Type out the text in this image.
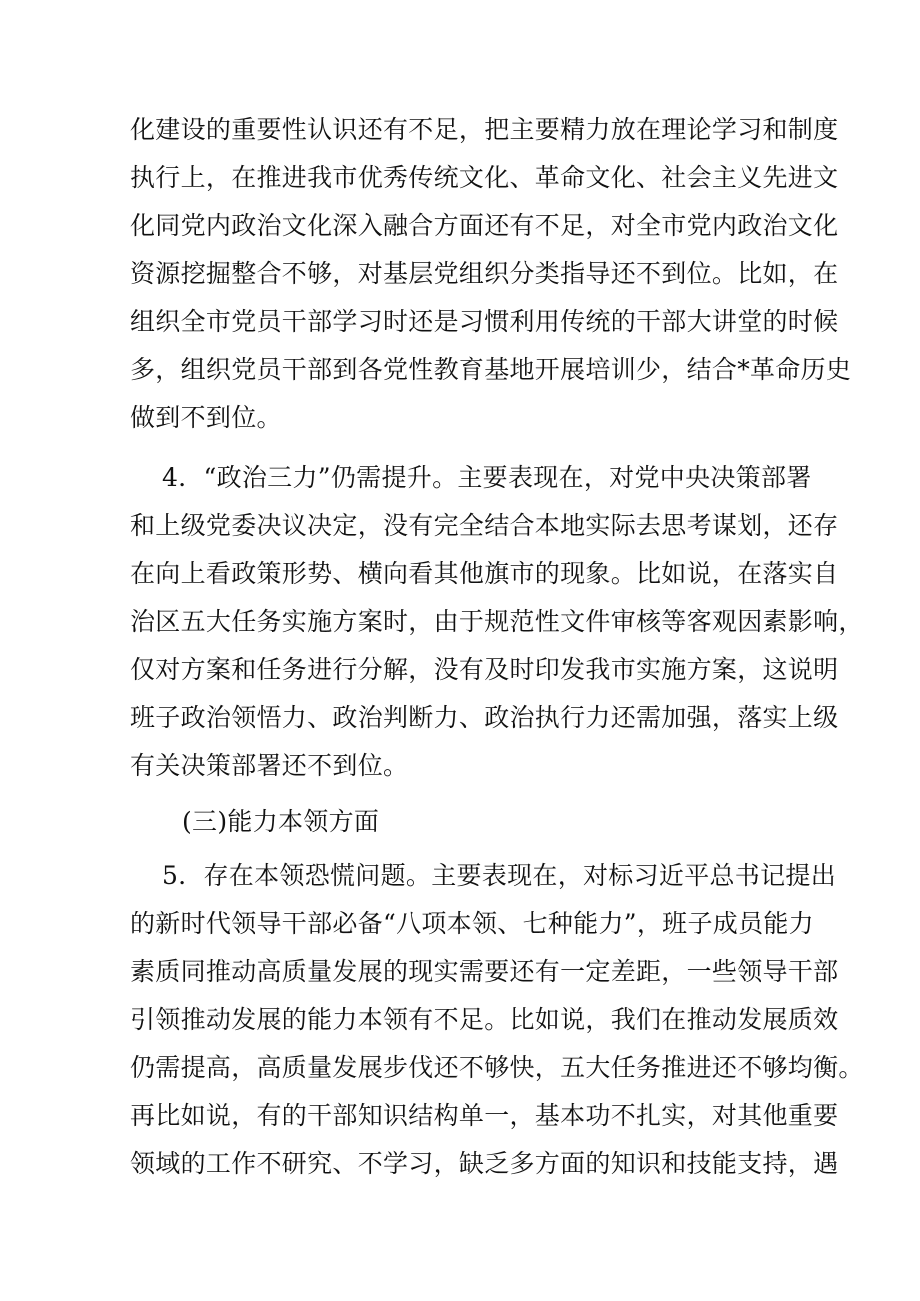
化建设的重要性认识还有不足，把主要精力放在理论学习和制度
执行上，在推进我市优秀传统文化、革命文化、社会主义先进文
化同党内政治文化深入融合方面还有不足，对全市党内政治文化
资源挖掘整合不够，对基层党组织分类指导还不到位。比如，在
组织全市党员干部学习时还是习惯利用传统的干部大讲堂的时候
多，组织党员干部到各党性教育基地开展培训少，结合*革命历史
做到不到位。
4．“政治三力”仍需提升。主要表现在，对党中央决策部署
和上级党委决议决定，没有完全结合本地实际去思考谋划，还存
在向上看政策形势、横向看其他旗市的现象。比如说，在落实自
治区五大任务实施方案时，由于规范性文件审核等客观因素影响，
仅对方案和任务进行分解，没有及时印发我市实施方案，这说明
班子政治领悟力、政治判断力、政治执行力还需加强，落实上级
有关决策部署还不到位。
(三)能力本领方面
5．存在本领恐慌问题。主要表现在，对标习近平总书记提出
的新时代领导干部必备“八项本领、七种能力”，班子成员能力
素质同推动高质量发展的现实需要还有一定差距，一些领导干部
引领推动发展的能力本领有不足。比如说，我们在推动发展质效
仍需提高，高质量发展步伐还不够快，五大任务推进还不够均衡。
再比如说，有的干部知识结构单一，基本功不扎实，对其他重要
领域的工作不研究、不学习，缺乏多方面的知识和技能支持，遇
